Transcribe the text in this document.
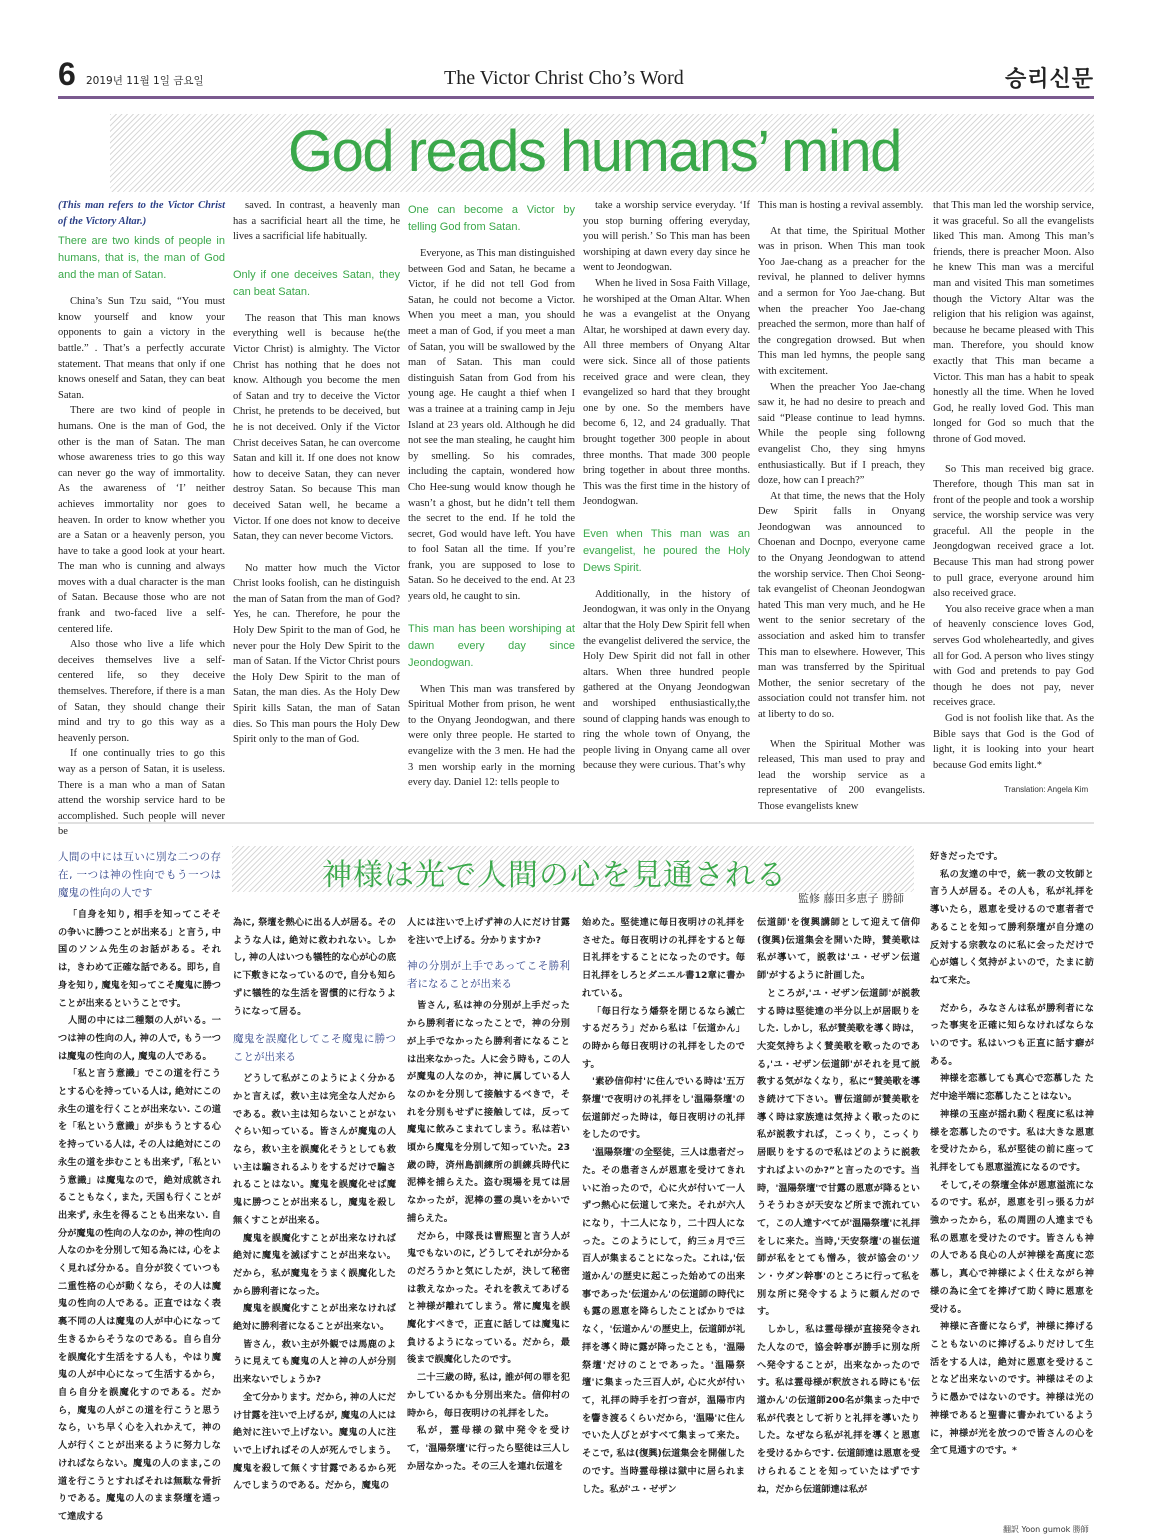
6 2019년 11월 1일 금요일	The Victor Christ Cho’s Word	승리신문
God reads humans’ mind

(This man refers to the Victor Christ of the Victory Altar.)

There are two kinds of people in humans, that is, the man of God and the man of Satan.

China’s Sun Tzu said, “You must know yourself and know your opponents to gain a victory in the battle.” . That’s a perfectly accurate statement. That means that only if one knows oneself and Satan, they can beat Satan.

There are two kind of people in humans. One is the man of God, the other is the man of Satan. The man whose awareness tries to go this way can never go the way of immortality. As the awareness of ‘I’ neither achieves immortality nor goes to heaven. In order to know whether you are a Satan or a heavenly person, you have to take a good look at your heart. The man who is cunning and always moves with a dual character is the man of Satan. Because those who are not frank and two-faced live a self- centered life.

Also those who live a life which deceives themselves live a self-centered life, so they deceive themselves. Therefore, if there is a man of Satan, they should change their mind and try to go this way as a heavenly person.

If one continually tries to go this way as a person of Satan, it is useless. There is a man who a man of Satan attend the worship service hard to be accomplished. Such people will never be

saved. In contrast, a heavenly man has a sacrificial heart all the time, he lives a sacrificial life habitually.

Only if one deceives Satan, they can beat Satan.

The reason that This man knows everything well is because he(the Victor Christ) is almighty. The Victor Christ has nothing that he does not know. Although you become the men of Satan and try to deceive the Victor Christ, he pretends to be deceived, but he is not deceived. Only if the Victor Christ deceives Satan, he can overcome Satan and kill it. If one does not know how to deceive Satan, they can never destroy Satan. So because This man deceived Satan well, he became a Victor. If one does not know to deceive Satan, they can never become Victors.

No matter how much the Victor Christ looks foolish, can he distinguish the man of Satan from the man of God? Yes, he can. Therefore, he pour the Holy Dew Spirit to the man of God, he never pour the Holy Dew Spirit to the man of Satan. If the Victor Christ pours the Holy Dew Spirit to the man of Satan, the man dies. As the Holy Dew Spirit kills Satan, the man of Satan dies. So This man pours the Holy Dew Spirit only to the man of God.

One can become a Victor by telling God from Satan.

Everyone, as This man distinguished between God and Satan, he became a Victor, if he did not tell God from Satan, he could not become a Victor. When you meet a man, you should meet a man of God, if you meet a man of Satan, you will be swallowed by the man of Satan. This man could distinguish Satan from God from his young age. He caught a thief when I was a trainee at a training camp in Jeju Island at 23 years old. Although he did not see the man stealing, he caught him by smelling. So his comrades, including the captain, wondered how Cho Hee-sung would know though he wasn’t a ghost, but he didn’t tell them the secret to the end. If he told the secret, God would have left. You have to fool Satan all the time. If you’re frank, you are supposed to lose to Satan. So he deceived to the end. At 23 years old, he caught to sin.

This man has been worshiping at dawn every day since Jeondogwan.

When This man was transfered by Spiritual Mother from prison, he went to the Onyang Jeondogwan, and there were only three people. He started to evangelize with the 3 men. He had the 3 men worship early in the morning every day. Daniel 12: tells people to

take a worship service everyday. ‘If you stop burning offering everyday, you will perish.’ So This man has been worshiping at dawn every day since he went to Jeondogwan.

When he lived in Sosa Faith Village, he worshiped at the Oman Altar. When he was a evangelist at the Onyang Altar, he worshiped at dawn every day. All three members of Onyang Altar were sick. Since all of those patients received grace and were clean, they evangelized so hard that they brought one by one. So the members have become 6, 12, and 24 gradually. That brought together 300 people in about three months. That made 300 people bring together in about three months. This was the first time in the history of Jeondogwan.

Even when This man was an evangelist, he poured the Holy Dews Spirit.

Additionally, in the history of Jeondogwan, it was only in the Onyang altar that the Holy Dew Spirit fell when the evangelist delivered the service, the Holy Dew Spirit did not fall in other altars. When three hundred people gathered at the Onyang Jeondogwan and worshiped enthusiastically,the sound of clapping hands was enough to ring the whole town of Onyang, the people living in Onyang came all over because they were curious. That’s why

This man is hosting a revival assembly.

At that time, the Spiritual Mother was in prison. When This man took Yoo Jae-chang as a preacher for the revival, he planned to deliver hymns and a sermon for Yoo Jae-chang. But when the preacher Yoo Jae-chang preached the sermon, more than half of the congregation drowsed. But when This man led hymns, the people sang with excitement.

When the preacher Yoo Jae-chang saw it, he had no desire to preach and said “Please continue to lead hymns. While the people sing followng evangelist Cho, they sing hmyns enthusiastically. But if I preach, they doze, how can I preach?”

At that time, the news that the Holy Dew Spirit falls in Onyang Jeondogwan was announced to Choenan and Docnpo, everyone came to the Onyang Jeondogwan to attend the worship service. Then Choi Seong-tak evangelist of Cheonan Jeondogwan hated This man very much, and he He went to the senior secretary of the association and asked him to transfer This man to elsewhere. However, This man was transferred by the Spiritual Mother, the senior secretary of the association could not transfer him. not at liberty to do so.

When the Spiritual Mother was released, This man used to pray and lead the worship service as a representative of 200 evangelists. Those evangelists knew

that This man led the worship service, it was graceful. So all the evangelists liked This man. Among This man’s friends, there is preacher Moon. Also he knew This man was a merciful man and visited This man sometimes though the Victory Altar was the religion that his religion was against, because he became pleased with This man. Therefore, you should know exactly that This man became a Victor. This man has a habit to speak honestly all the time. When he loved God, he really loved God. This man longed for God so much that the throne of God moved.

So This man received big grace. Therefore, though This man sat in front of the people and took a worship service, the worship service was very graceful. All the people in the Jeongdogwan received grace a lot. Because This man had strong power to pull grace, everyone around him also received grace.

You also receive grace when a man of heavenly conscience loves God, serves God wholeheartedly, and gives all for God. A person who lives stingy with God and pretends to pay God though he does not pay, never receives grace.

God is not foolish like that. As the Bible says that God is the God of light, it is looking into your heart because God emits light.*

Translation: Angela Kim
神様は光で人間の心を見通される
監修 藤田多恵子 勝師

人間の中には互いに別な二つの存在, 一つは神の性向でもう一つは魔鬼の性向の人です

「自身を知り, 相手を知ってこそその争いに勝つことが出来る」と言う, 中国のソンム先生のお話がある。それは，きわめて正確な話である。即ち, 自身を知り, 魔鬼を知ってこそ魔鬼に勝つことが出来るということです。

人間の中には二種類の人がいる。一つは神の性向の人, 神の人で, もう一つは魔鬼の性向の人, 魔鬼の人である。

「私と言う意識」でこの道を行こうとする心を持っている人は, 絶対にこの永生の道を行くことが出来ない. この道を「私という意識」が歩もうとする心を持っている人は, その人は絶対にこの永生の道を歩むことも出来ず,「私という意識」は魔鬼なので，絶対成就されることもなく, また, 天国も行くことが出来ず, 永生を得ることも出来ない. 自分が魔鬼の性向の人なのか, 神の性向の人なのかを分別して知る為には, 心をよく見れば分かる。自分が狡くていつも二重性格の心が動くなら，その人は魔鬼の性向の人である。正直ではなく表裏不同の人は魔鬼の人が中心になって生きるからそうなのである。自ら自分を誤魔化す生活をする人も，やはり魔鬼の人が中心になって生活するから，自ら自分を誤魔化すのである。だから，魔鬼の人がこの道を行こうと思うなら，いち早く心を入れかえて，神の人が行くことが出来るように努力しなければならない。魔鬼の人のまま,この道を行こうとすればそれは無駄な骨折りである。魔鬼の人のまま祭壇を通って達成する

為に, 祭壇を熱心に出る人が居る。そのような人は, 絶対に救われない。しかし, 神の人はいつも犠牲的な心が心の底に下敷きになっているので, 自分も知らずに犠牲的な生活を習慣的に行なうようになって居る。

魔鬼を誤魔化してこそ魔鬼に勝つことが出来る

どうして私がこのようによく分かるかと言えば，救い主は完全な人だからである。救い主は知らないことがないぐらい知っている。皆さんが魔鬼の人なら，救い主を誤魔化そうとしても救い主は騙されるふりをするだけで騙されることはない。魔鬼を誤魔化せば魔鬼に勝つことが出来るし，魔鬼を殺し無くすことが出来る。

魔鬼を誤魔化すことが出来なければ絶対に魔鬼を滅ぼすことが出来ない。だから，私が魔鬼をうまく誤魔化したから勝利者になった。

魔鬼を誤魔化すことが出来なければ絶対に勝利者になることが出来ない。

皆さん，救い主が外観では馬鹿のように見えても魔鬼の人と神の人が分別出来ないでしょうか?

全て分かります。だから, 神の人にだけ甘露を注いで上げるが, 魔鬼の人には絶対に注いで上げない。魔鬼の人に注いで上げればその人が死んでしまう。魔鬼を殺して無くす甘露であるから死んでしまうのである。だから，魔鬼の

人には注いで上げず神の人にだけ甘露を注いで上げる。分かりますか?

神の分別が上手であってこそ勝利者になることが出来る

皆さん, 私は神の分別が上手だったから勝利者になったことで，神の分別が上手でなかったら勝利者になることは出来なかった。人に会う時も, この人が魔鬼の人なのか，神に属している人なのかを分別して接触するべきで，それを分別もせずに接触しては，反って魔鬼に飲みこまれてしまう。私は若い頃から魔鬼を分別して知っていた。23歳の時，済州島訓練所の訓練兵時代に泥棒を捕らえた。盗む現場を見ては居なかったが，泥棒の霊の臭いをかいで捕らえた。

だから，中隊長は曹熙聖と言う人が鬼でもないのに, どうしてそれが分かるのだろうかと気にしたが，決して秘密は教えなかった。それを教えてあげると神様が離れてしまう。常に魔鬼を誤魔化すべきで，正直に話しては魔鬼に負けるようになっている。だから，最後まで誤魔化したのです。

二十三歳の時, 私は, 誰が何の罪を犯かしているかも分別出来た。信仰村の時から，毎日夜明けの礼拝をした。

私が，霊母様の獄中発令を受けて，'温陽祭壇'に行ったら堅徒は三人しか居なかった。その三人を連れ伝道を

始めた。堅徒達に毎日夜明けの礼拝をさせた。毎日夜明けの礼拝をすると毎日礼拝をすることになったのです。毎日礼拝をしろとダニエル書12章に書かれている。

「毎日行なう燔祭を閉じるなら滅亡するだろう」だから私は「伝道かん」の時から毎日夜明けの礼拝をしたのです。

'素砂信仰村'に住んでいる時は'五万祭壇'で夜明けの礼拝をし'温陽祭壇'の伝道師だった時は，毎日夜明けの礼拝をしたのです。

'温陽祭壇'の全堅徒，三人は患者だった。その患者さんが恩恵を受けてきれいに治ったので，心に火が付いて一人ずつ熱心に伝道して来た。それが六人になり，十二人になり，二十四人になった。このようにして，約三ヵ月で三百人が集まることになった。これは,'伝道かん'の歴史に起こった始めての出来事であった'伝道かん'の伝道師の時代にも露の恩恵を降らしたことばかりではなく，'伝道かん'の歴史上，伝道師が礼拝を導く時に露が降ったことも，'温陽祭壇'だけのことであった。'温陽祭壇'に集まった三百人が, 心に火が付いて，礼拝の時手を打つ音が，温陽市内を響き渡るくらいだから，'温陽'に住んでいた人びとがすべて集まって来た。そこで, 私は(復興)伝道集会を開催したのです。当時霊母様は獄中に居られました。私が'ユ・ゼザン

伝道師'を復興講師として迎えて信仰(復興)伝道集会を開いた時，賛美歌は私が導いて，説教は'ユ・ゼザン伝道師'がするように計画した。

ところが,'ユ・ゼザン伝道師'が説教する時は堅徒達の半分以上が居眠りをした. しかし，私が賛美歌を導く時は，大変気持ちよく賛美歌を歌ったのである,'ユ・ゼザン伝道師'がそれを見て説教する気がなくなり，私に“賛美歌を導き続けて下さい。曹伝道師が賛美歌を導く時は家族達は気持よく歌ったのに私が説教すれば，こっくり，こっくり居眠りをするので私はどのように説教すればよいのか?”と言ったのです。当時，'温陽祭壇'で甘露の恩恵が降るというそうわさが天安など所まで流れていて，この人達すべてが'温陽祭壇'に礼拝をしに来た。当時,'天安祭壇'の崔伝道師が私をとても憎み，彼が協会の'ソン・ウダン幹事'のところに行って私を別な所に発令するように頼んだのです。

しかし，私は霊母様が直接発令された人なので，協会幹事が勝手に別な所へ発令することが，出来なかったのです。私は霊母様が釈放される時にも'伝道かん'の伝道師200名が集まった中で私が代表として祈りと礼拝を導いたりした。なぜなら私が礼拝を導くと恩恵を受けるからです. 伝道師達は恩恵を受けられることを知っていたはずですね，だから伝道師達は私が

好きだったです。

私の友達の中で，統一教の文牧師と言う人が居る。その人も，私が礼拝を導いたら，恩恵を受けるので恵者者であることを知って勝利祭壇が自分達の反対する宗教なのに私に会っただけで心が嬉しく気持がよいので，たまに訪ねて来た。

だから，みなさんは私が勝利者になった事実を正確に知らなければならないのです。私はいつも正直に話す癖がある。

神様を恋慕しても真心で恋慕した ただ中途半端に恋慕したことはない。

神様の玉座が揺れ動く程度に私は神様を恋慕したのです。私は大きな恩恵を受けたから，私が堅徒の前に座って礼拝をしても恩恵溢流になるのです。

そして,その祭壇全体が恩恵溢流になるのです。私が，恩恵を引っ張る力が強かったから，私の周囲の人達までも私の恩恵を受けたのです。皆さんも神の人である良心の人が神様を高度に恋慕し，真心で神様によく仕えながら神様の為に全てを捧げて助く時に恩恵を受ける。

神様に吝嗇にならず，神様に捧げることもないのに捧げるふりだけして生活をする人は，絶対に恩恵を受けることなど出来ないのです。神様はそのように愚かではないのです。神様は光の神様であると聖書に書かれているように，神様が光を放つので皆さんの心を全て見通すのです。*

翻訳 Yoon gumok 勝師
